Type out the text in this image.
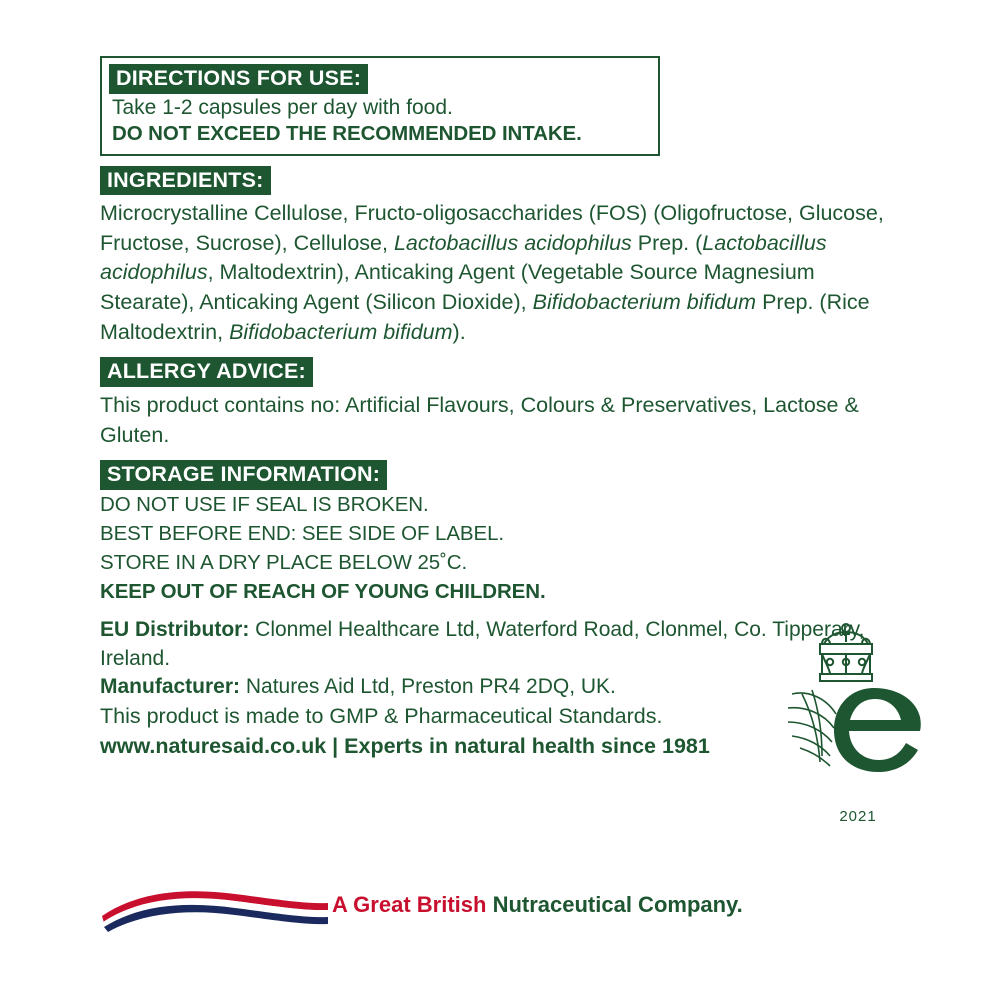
DIRECTIONS FOR USE:
Take 1-2 capsules per day with food.
DO NOT EXCEED THE RECOMMENDED INTAKE.
INGREDIENTS:
Microcrystalline Cellulose, Fructo-oligosaccharides (FOS) (Oligofructose, Glucose, Fructose, Sucrose), Cellulose, Lactobacillus acidophilus Prep. (Lactobacillus acidophilus, Maltodextrin), Anticaking Agent (Vegetable Source Magnesium Stearate), Anticaking Agent (Silicon Dioxide), Bifidobacterium bifidum Prep. (Rice Maltodextrin, Bifidobacterium bifidum).
ALLERGY ADVICE:
This product contains no: Artificial Flavours, Colours & Preservatives, Lactose & Gluten.
STORAGE INFORMATION:
DO NOT USE IF SEAL IS BROKEN.
BEST BEFORE END: SEE SIDE OF LABEL.
STORE IN A DRY PLACE BELOW 25˚C.
KEEP OUT OF REACH OF YOUNG CHILDREN.
EU Distributor: Clonmel Healthcare Ltd, Waterford Road, Clonmel, Co. Tipperary, Ireland.
Manufacturer: Natures Aid Ltd, Preston PR4 2DQ, UK.
This product is made to GMP & Pharmaceutical Standards.
www.naturesaid.co.uk | Experts in natural health since 1981
A Great British Nutraceutical Company.
2021
